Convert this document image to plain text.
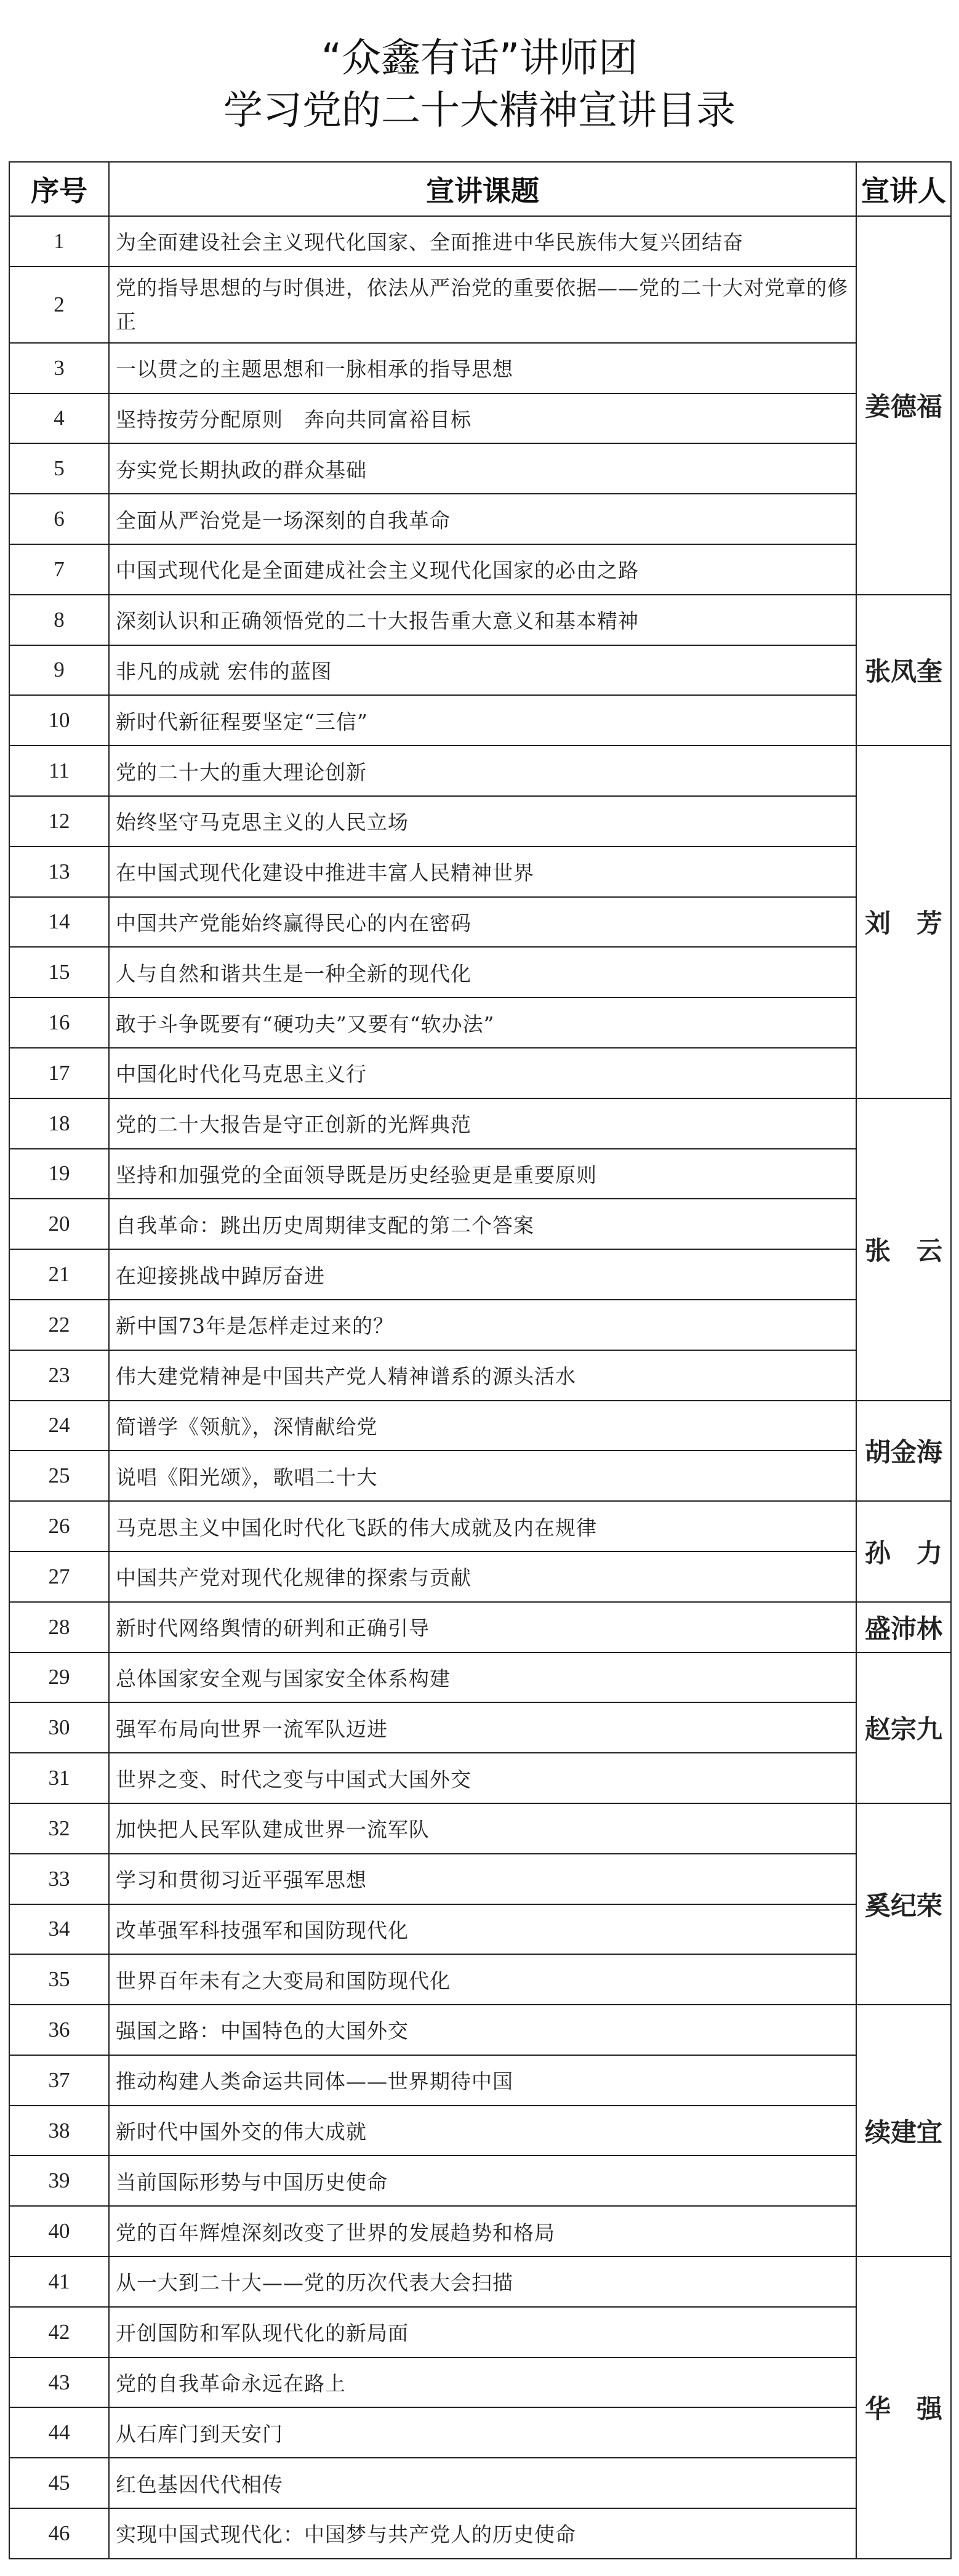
“众鑫有话”讲师团
学习党的二十大精神宣讲目录
序号	宣讲课题	宣讲人
1	为全面建设社会主义现代化国家、全面推进中华民族伟大复兴团结奋	姜德福
2	党的指导思想的与时俱进，依法从严治党的重要依据——党的二十大对党章的修正	
3	一以贯之的主题思想和一脉相承的指导思想	
4	坚持按劳分配原则　奔向共同富裕目标	
5	夯实党长期执政的群众基础	
6	全面从严治党是一场深刻的自我革命	
7	中国式现代化是全面建成社会主义现代化国家的必由之路	
8	深刻认识和正确领悟党的二十大报告重大意义和基本精神	张凤奎
9	非凡的成就 宏伟的蓝图	
10	新时代新征程要坚定“三信”	
11	党的二十大的重大理论创新	刘　芳
12	始终坚守马克思主义的人民立场	
13	在中国式现代化建设中推进丰富人民精神世界	
14	中国共产党能始终赢得民心的内在密码	
15	人与自然和谐共生是一种全新的现代化	
16	敢于斗争既要有“硬功夫”又要有“软办法”	
17	中国化时代化马克思主义行	
18	党的二十大报告是守正创新的光辉典范	张　云
19	坚持和加强党的全面领导既是历史经验更是重要原则	
20	自我革命：跳出历史周期律支配的第二个答案	
21	在迎接挑战中踔厉奋进	
22	新中国73年是怎样走过来的？	
23	伟大建党精神是中国共产党人精神谱系的源头活水	
24	简谱学《领航》，深情献给党	胡金海
25	说唱《阳光颂》，歌唱二十大	
26	马克思主义中国化时代化飞跃的伟大成就及内在规律	孙　力
27	中国共产党对现代化规律的探索与贡献	
28	新时代网络舆情的研判和正确引导	盛沛林
29	总体国家安全观与国家安全体系构建	赵宗九
30	强军布局向世界一流军队迈进	
31	世界之变、时代之变与中国式大国外交	
32	加快把人民军队建成世界一流军队	奚纪荣
33	学习和贯彻习近平强军思想	
34	改革强军科技强军和国防现代化	
35	世界百年未有之大变局和国防现代化	
36	强国之路：中国特色的大国外交	续建宜
37	推动构建人类命运共同体——世界期待中国	
38	新时代中国外交的伟大成就	
39	当前国际形势与中国历史使命	
40	党的百年辉煌深刻改变了世界的发展趋势和格局	
41	从一大到二十大——党的历次代表大会扫描	华　强
42	开创国防和军队现代化的新局面	
43	党的自我革命永远在路上	
44	从石库门到天安门	
45	红色基因代代相传	
46	实现中国式现代化：中国梦与共产党人的历史使命	
